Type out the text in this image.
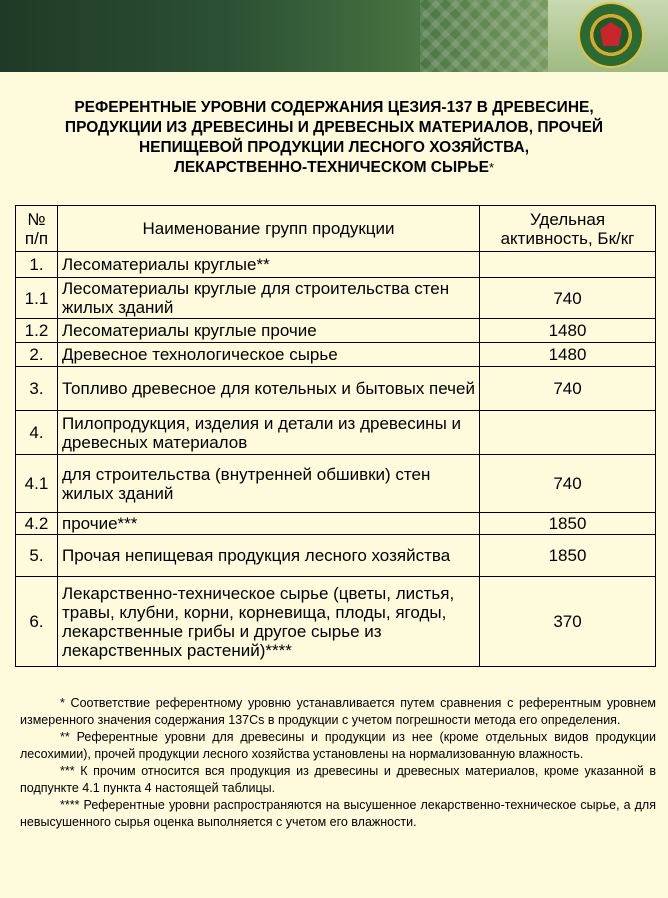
РЕФЕРЕНТНЫЕ УРОВНИ СОДЕРЖАНИЯ ЦЕЗИЯ-137 В ДРЕВЕСИНЕ,
ПРОДУКЦИИ ИЗ ДРЕВЕСИНЫ И ДРЕВЕСНЫХ МАТЕРИАЛОВ, ПРОЧЕЙ
НЕПИЩЕВОЙ ПРОДУКЦИИ ЛЕСНОГО ХОЗЯЙСТВА,
ЛЕКАРСТВЕННО-ТЕХНИЧЕСКОМ СЫРЬЕ*
№ п/п	Наименование групп продукции	Удельная активность, Бк/кг
1.	Лесоматериалы круглые**	
1.1	Лесоматериалы круглые для строительства стен жилых зданий	740
1.2	Лесоматериалы круглые прочие	1480
2.	Древесное технологическое сырье	1480
3.	Топливо древесное для котельных и бытовых печей	740
4.	Пилопродукция, изделия и детали из древесины и древесных материалов	
4.1	для строительства (внутренней обшивки) стен жилых зданий	740
4.2	прочие***	1850
5.	Прочая непищевая продукция лесного хозяйства	1850
6.	Лекарственно-техническое сырье (цветы, листья, травы, клубни, корни, корневища, плоды, ягоды, лекарственные грибы и другое сырье из лекарственных растений)****	370

* Соответствие референтному уровню устанавливается путем сравнения с референтным уровнем измеренного значения содержания 137Cs в продукции с учетом погрешности метода его определения.

** Референтные уровни для древесины и продукции из нее (кроме отдельных видов продукции лесохимии), прочей продукции лесного хозяйства установлены на нормализованную влажность.

*** К прочим относится вся продукция из древесины и древесных материалов, кроме указанной в подпункте 4.1 пункта 4 настоящей таблицы.

**** Референтные уровни распространяются на высушенное лекарственно-техническое сырье, а для невысушенного сырья оценка выполняется с учетом его влажности.
